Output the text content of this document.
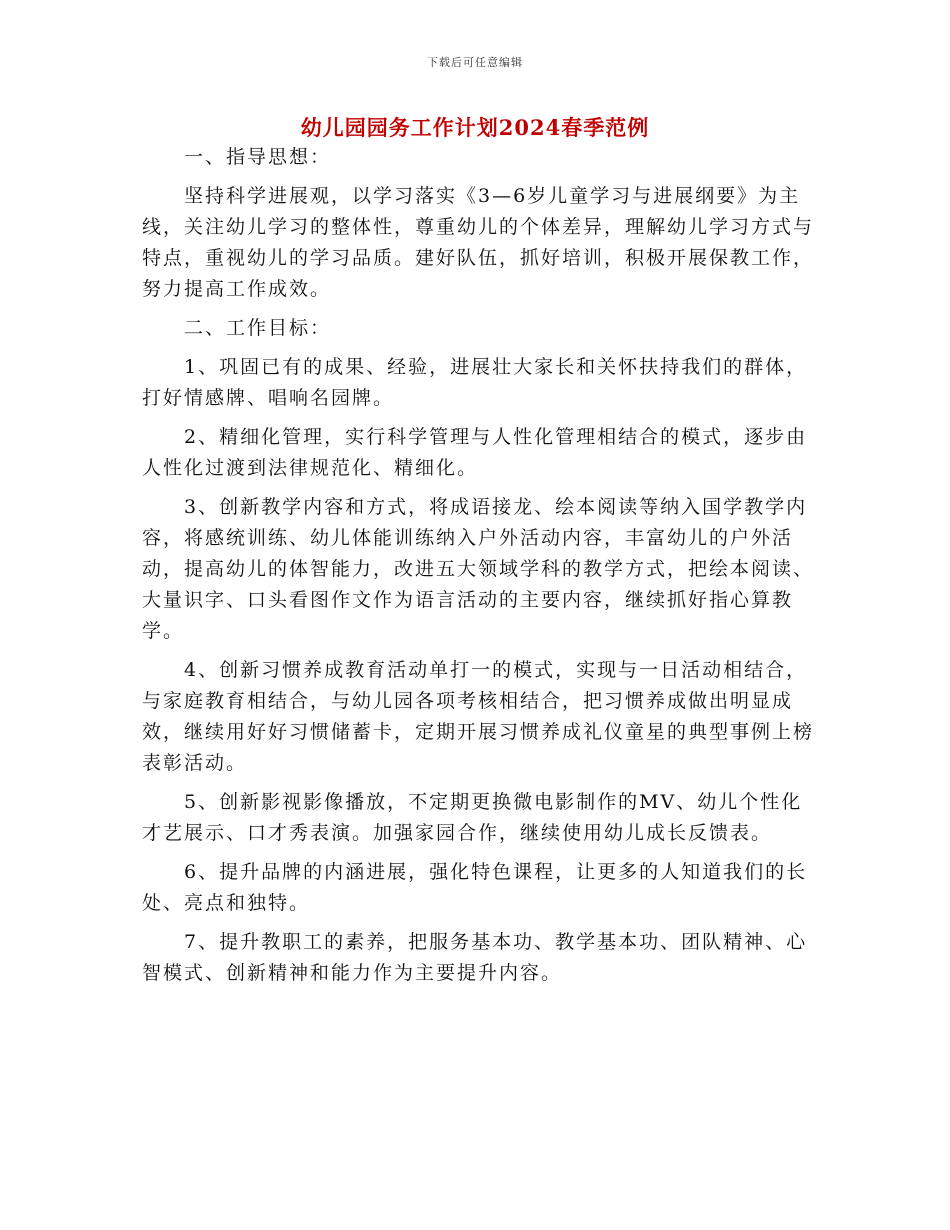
下载后可任意编辑
幼儿园园务工作计划2024春季范例

一、指导思想：

坚持科学进展观，以学习落实《3—6岁儿童学习与进展纲要》为主线，关注幼儿学习的整体性，尊重幼儿的个体差异，理解幼儿学习方式与特点，重视幼儿的学习品质。建好队伍，抓好培训，积极开展保教工作，努力提高工作成效。

二、工作目标：

1、巩固已有的成果、经验，进展壮大家长和关怀扶持我们的群体，打好情感牌、唱响名园牌。

2、精细化管理，实行科学管理与人性化管理相结合的模式，逐步由人性化过渡到法律规范化、精细化。

3、创新教学内容和方式，将成语接龙、绘本阅读等纳入国学教学内容，将感统训练、幼儿体能训练纳入户外活动内容，丰富幼儿的户外活动，提高幼儿的体智能力，改进五大领域学科的教学方式，把绘本阅读、大量识字、口头看图作文作为语言活动的主要内容，继续抓好指心算教学。

4、创新习惯养成教育活动单打一的模式，实现与一日活动相结合，与家庭教育相结合，与幼儿园各项考核相结合，把习惯养成做出明显成效，继续用好好习惯储蓄卡，定期开展习惯养成礼仪童星的典型事例上榜表彰活动。

5、创新影视影像播放，不定期更换微电影制作的MV、幼儿个性化才艺展示、口才秀表演。加强家园合作，继续使用幼儿成长反馈表。

6、提升品牌的内涵进展，强化特色课程，让更多的人知道我们的长处、亮点和独特。

7、提升教职工的素养，把服务基本功、教学基本功、团队精神、心智模式、创新精神和能力作为主要提升内容。
